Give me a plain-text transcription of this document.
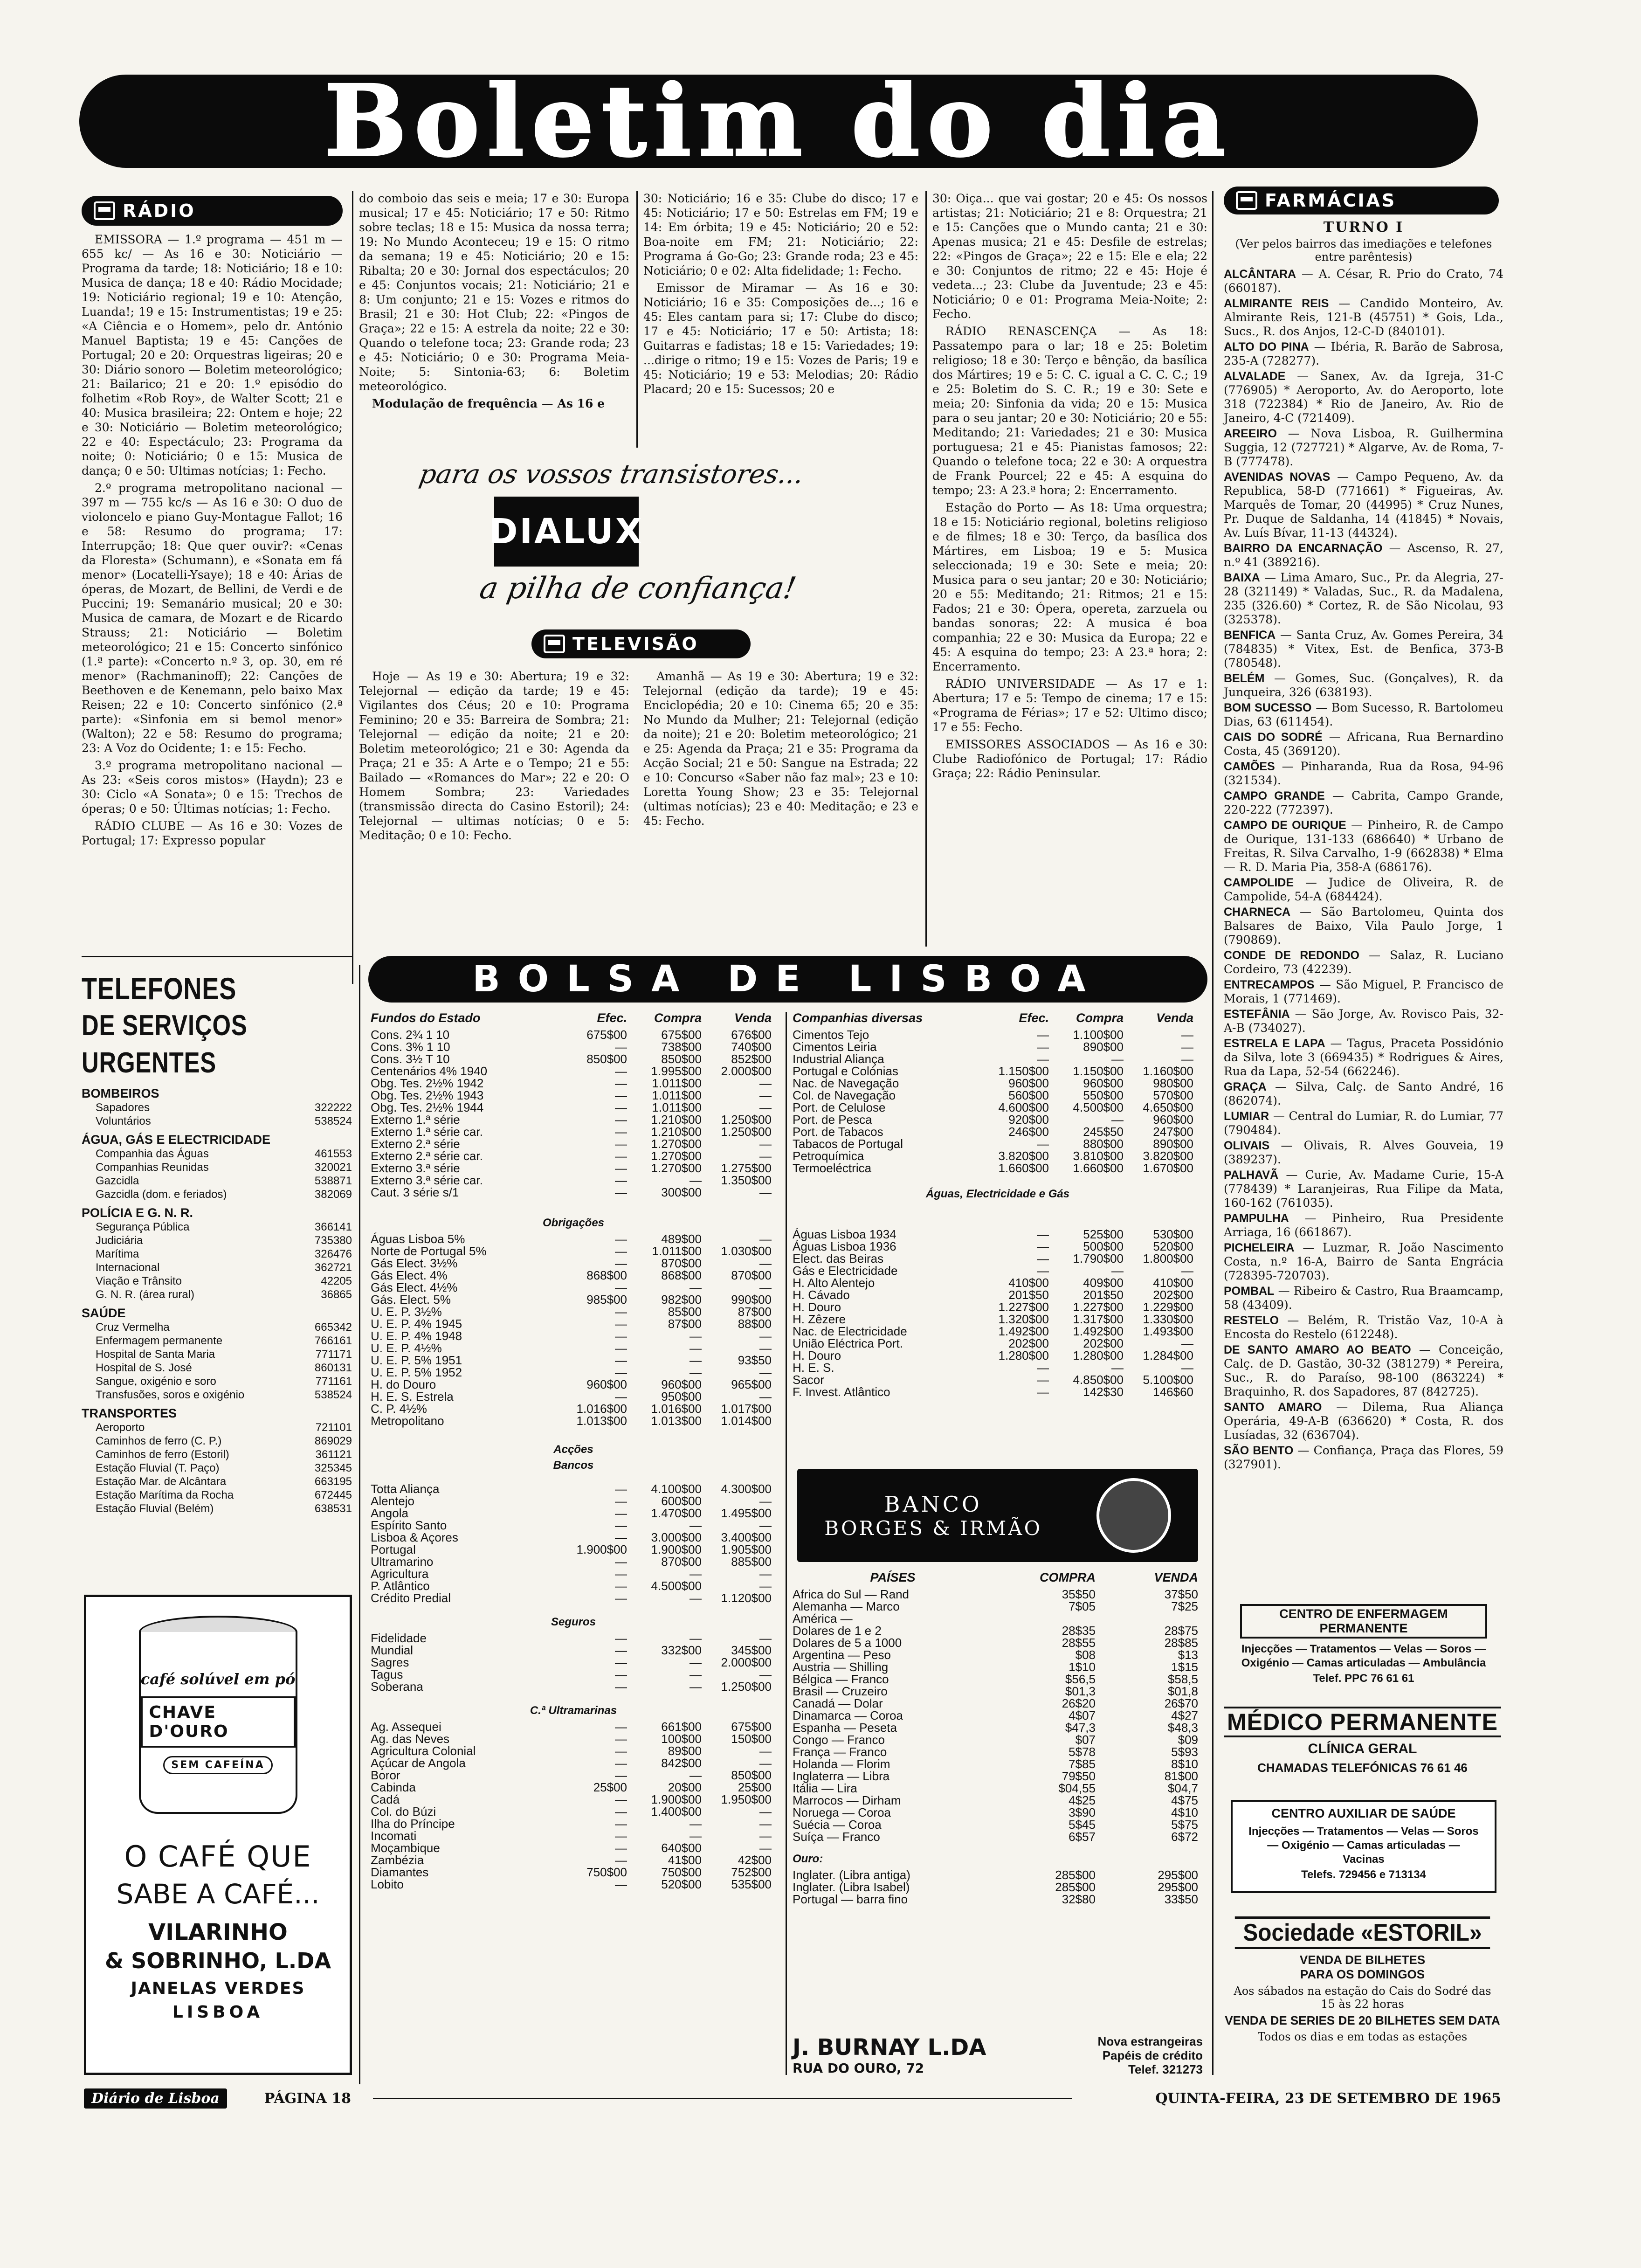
Boletim do dia
RÁDIO

EMISSORA — 1.º programa — 451 m — 655 kc/ — As 16 e 30: Noticiário — Programa da tarde; 18: Noticiário; 18 e 10: Musica de dança; 18 e 40: Rádio Mocidade; 19: Noticiário regional; 19 e 10: Atenção, Luanda!; 19 e 15: Instrumentistas; 19 e 25: «A Ciência e o Homem», pelo dr. António Manuel Baptista; 19 e 45: Canções de Portugal; 20 e 20: Orquestras ligeiras; 20 e 30: Diário sonoro — Boletim meteorológico; 21: Bailarico; 21 e 20: 1.º episódio do folhetim «Rob Roy», de Walter Scott; 21 e 40: Musica brasileira; 22: Ontem e hoje; 22 e 30: Noticiário — Boletim meteorológico; 22 e 40: Espectáculo; 23: Programa da noite; 0: Noticiário; 0 e 15: Musica de dança; 0 e 50: Ultimas notícias; 1: Fecho.

2.º programa metropolitano nacional — 397 m — 755 kc/s — As 16 e 30: O duo de violoncelo e piano Guy-Montague Fallot; 16 e 58: Resumo do programa; 17: Interrupção; 18: Que quer ouvir?: «Cenas da Floresta» (Schumann), e «Sonata em fá menor» (Locatelli-Ysaye); 18 e 40: Árias de óperas, de Mozart, de Bellini, de Verdi e de Puccini; 19: Semanário musical; 20 e 30: Musica de camara, de Mozart e de Ricardo Strauss; 21: Noticiário — Boletim meteorológico; 21 e 15: Concerto sinfónico (1.ª parte): «Concerto n.º 3, op. 30, em ré menor» (Rachmaninoff); 22: Canções de Beethoven e de Kenemann, pelo baixo Max Reisen; 22 e 10: Concerto sinfónico (2.ª parte): «Sinfonia em si bemol menor» (Walton); 22 e 58: Resumo do programa; 23: A Voz do Ocidente; 1: e 15: Fecho.

3.º programa metropolitano nacional — As 23: «Seis coros mistos» (Haydn); 23 e 30: Ciclo «A Sonata»; 0 e 15: Trechos de óperas; 0 e 50: Últimas notícias; 1: Fecho.

RÁDIO CLUBE — As 16 e 30: Vozes de Portugal; 17: Expresso popular

do comboio das seis e meia; 17 e 30: Europa musical; 17 e 45: Noticiário; 17 e 50: Ritmo sobre teclas; 18 e 15: Musica da nossa terra; 19: No Mundo Aconteceu; 19 e 15: O ritmo da semana; 19 e 45: Noticiário; 20 e 15: Ribalta; 20 e 30: Jornal dos espectáculos; 20 e 45: Conjuntos vocais; 21: Noticiário; 21 e 8: Um conjunto; 21 e 15: Vozes e ritmos do Brasil; 21 e 30: Hot Club; 22: «Pingos de Graça»; 22 e 15: A estrela da noite; 22 e 30: Quando o telefone toca; 23: Grande roda; 23 e 45: Noticiário; 0 e 30: Programa Meia-Noite; 5: Sintonia-63; 6: Boletim meteorológico.

Modulação de frequência — As 16 e

30: Noticiário; 16 e 35: Clube do disco; 17 e 45: Noticiário; 17 e 50: Estrelas em FM; 19 e 14: Em órbita; 19 e 45: Noticiário; 20 e 52: Boa-noite em FM; 21: Noticiário; 22: Programa á Go-Go; 23: Grande roda; 23 e 45: Noticiário; 0 e 02: Alta fidelidade; 1: Fecho.

Emissor de Miramar — As 16 e 30: Noticiário; 16 e 35: Composições de...; 16 e 45: Eles cantam para si; 17: Clube do disco; 17 e 45: Noticiário; 17 e 50: Artista; 18: Guitarras e fadistas; 18 e 15: Variedades; 19: ...dirige o ritmo; 19 e 15: Vozes de Paris; 19 e 45: Noticiário; 19 e 53: Melodias; 20: Rádio Placard; 20 e 15: Sucessos; 20 e

30: Oiça... que vai gostar; 20 e 45: Os nossos artistas; 21: Noticiário; 21 e 8: Orquestra; 21 e 15: Canções que o Mundo canta; 21 e 30: Apenas musica; 21 e 45: Desfile de estrelas; 22: «Pingos de Graça»; 22 e 15: Ele e ela; 22 e 30: Conjuntos de ritmo; 22 e 45: Hoje é vedeta...; 23: Clube da Juventude; 23 e 45: Noticiário; 0 e 01: Programa Meia-Noite; 2: Fecho.

RÁDIO RENASCENÇA — As 18: Passatempo para o lar; 18 e 25: Boletim religioso; 18 e 30: Terço e bênção, da basílica dos Mártires; 19 e 5: C. C. igual a C. C. C.; 19 e 25: Boletim do S. C. R.; 19 e 30: Sete e meia; 20: Sinfonia da vida; 20 e 15: Musica para o seu jantar; 20 e 30: Noticiário; 20 e 55: Meditando; 21: Variedades; 21 e 30: Musica portuguesa; 21 e 45: Pianistas famosos; 22: Quando o telefone toca; 22 e 30: A orquestra de Frank Pourcel; 22 e 45: A esquina do tempo; 23: A 23.ª hora; 2: Encerramento.

Estação do Porto — As 18: Uma orquestra; 18 e 15: Noticiário regional, boletins religioso e de filmes; 18 e 30: Terço, da basílica dos Mártires, em Lisboa; 19 e 5: Musica seleccionada; 19 e 30: Sete e meia; 20: Musica para o seu jantar; 20 e 30: Noticiário; 20 e 55: Meditando; 21: Ritmos; 21 e 15: Fados; 21 e 30: Ópera, opereta, zarzuela ou bandas sonoras; 22: A musica é boa companhia; 22 e 30: Musica da Europa; 22 e 45: A esquina do tempo; 23: A 23.ª hora; 2: Encerramento.

RÁDIO UNIVERSIDADE — As 17 e 1: Abertura; 17 e 5: Tempo de cinema; 17 e 15: «Programa de Férias»; 17 e 52: Ultimo disco; 17 e 55: Fecho.

EMISSORES ASSOCIADOS — As 16 e 30: Clube Radiofónico de Portugal; 17: Rádio Graça; 22: Rádio Peninsular.

para os vossos transistores...
DIALUX
a pilha de confiança!
TELEVISÃO

Hoje — As 19 e 30: Abertura; 19 e 32: Telejornal — edição da tarde; 19 e 45: Vigilantes dos Céus; 20 e 10: Programa Feminino; 20 e 35: Barreira de Sombra; 21: Telejornal — edição da noite; 21 e 20: Boletim meteorológico; 21 e 30: Agenda da Praça; 21 e 35: A Arte e o Tempo; 21 e 55: Bailado — «Romances do Mar»; 22 e 20: O Homem Sombra; 23: Variedades (transmissão directa do Casino Estoril); 24: Telejornal — ultimas notícias; 0 e 5: Meditação; 0 e 10: Fecho.

Amanhã — As 19 e 30: Abertura; 19 e 32: Telejornal (edição da tarde); 19 e 45: Enciclopédia; 20 e 10: Cinema 65; 20 e 35: No Mundo da Mulher; 21: Telejornal (edição da noite); 21 e 20: Boletim meteorológico; 21 e 25: Agenda da Praça; 21 e 35: Programa da Acção Social; 21 e 50: Sangue na Estrada; 22 e 10: Concurso «Saber não faz mal»; 23 e 10: Loretta Young Show; 23 e 35: Telejornal (ultimas notícias); 23 e 40: Meditação; e 23 e 45: Fecho.

TELEFONES
DE SERVIÇOS URGENTES
BOMBEIROS
Sapadores	322222
Voluntários	538524
ÁGUA, GÁS E ELECTRICIDADE
Companhia das Águas	461553
Companhias Reunidas	320021
Gazcidla	538871
Gazcidla (dom. e feriados)	382069
POLÍCIA E G. N. R.
Segurança Pública	366141
Judiciária	735380
Marítima	326476
Internacional	362721
Viação e Trânsito	42205
G. N. R. (área rural)	36865
SAÚDE
Cruz Vermelha	665342
Enfermagem permanente	766161
Hospital de Santa Maria	771171
Hospital de S. José	860131
Sangue, oxigénio e soro	771161
Transfusões, soros e oxigénio	538524
TRANSPORTES
Aeroporto	721101
Caminhos de ferro (C. P.)	869029
Caminhos de ferro (Estoril)	361121
Estação Fluvial (T. Paço)	325345
Estação Mar. de Alcântara	663195
Estação Marítima da Rocha	672445
Estação Fluvial (Belém)	638531
café solúvel em pó
CHAVE D'OURO
SEM CAFEÍNA
O CAFÉ QUE
SABE A CAFÉ...
VILARINHO
& SOBRINHO, L.DA
JANELAS VERDES
LISBOA
BOLSA DE LISBOA
Fundos do Estado	Efec.	Compra	Venda
Cons. 2¾ 1 10	675$00	675$00	676$00
Cons. 3% 1 10	—	738$00	740$00
Cons. 3½ T 10	850$00	850$00	852$00
Centenários 4% 1940	—	1.995$00	2.000$00
Obg. Tes. 2½% 1942	—	1.011$00	—
Obg. Tes. 2½% 1943	—	1.011$00	—
Obg. Tes. 2½% 1944	—	1.011$00	—
Externo 1.ª série	—	1.210$00	1.250$00
Externo 1.ª série car.	—	1.210$00	1.250$00
Externo 2.ª série	—	1.270$00	—
Externo 2.ª série car.	—	1.270$00	—
Externo 3.ª série	—	1.270$00	1.275$00
Externo 3.ª série car.	—	—	1.350$00
Caut. 3 série s/1	—	300$00	—
Obrigações
Águas Lisboa 5%	—	489$00	—
Norte de Portugal 5%	—	1.011$00	1.030$00
Gás Elect. 3½%	—	870$00	—
Gás Elect. 4%	868$00	868$00	870$00
Gás Elect. 4½%	—	—	—
Gás. Elect. 5%	985$00	982$00	990$00
U. E. P. 3½%	—	85$00	87$00
U. E. P. 4% 1945	—	87$00	88$00
U. E. P. 4% 1948	—	—	—
U. E. P. 4½%	—	—	—
U. E. P. 5% 1951	—	—	93$50
U. E. P. 5% 1952	—	—	—
H. do Douro	960$00	960$00	965$00
H. E. S. Estrela	—	950$00	—
C. P. 4½%	1.016$00	1.016$00	1.017$00
Metropolitano	1.013$00	1.013$00	1.014$00
Acções
Bancos
Totta Aliança	—	4.100$00	4.300$00
Alentejo	—	600$00	—
Angola	—	1.470$00	1.495$00
Espírito Santo	—	—	—
Lisboa & Açores	—	3.000$00	3.400$00
Portugal	1.900$00	1.900$00	1.905$00
Ultramarino	—	870$00	885$00
Agricultura	—	—	—
P. Atlântico	—	4.500$00	—
Crédito Predial	—	—	1.120$00
Seguros
Fidelidade	—	—	—
Mundial	—	332$00	345$00
Sagres	—	—	2.000$00
Tagus	—	—	—
Soberana	—	—	1.250$00
C.ª Ultramarinas
Ag. Assequei	—	661$00	675$00
Ag. das Neves	—	100$00	150$00
Agricultura Colonial	—	89$00	—
Açúcar de Angola	—	842$00	—
Boror	—	—	850$00
Cabinda	25$00	20$00	25$00
Cadá	—	1.900$00	1.950$00
Col. do Búzi	—	1.400$00	—
Ilha do Príncipe	—	—	—
Incomati	—	—	—
Moçambique	—	640$00	—
Zambézia	—	41$00	42$00
Diamantes	750$00	750$00	752$00
Lobito	—	520$00	535$00
Companhias diversas	Efec.	Compra	Venda
Cimentos Tejo	—	1.100$00	—
Cimentos Leiria	—	890$00	—
Industrial Aliança	—	—	—
Portugal e Colónias	1.150$00	1.150$00	1.160$00
Nac. de Navegação	960$00	960$00	980$00
Col. de Navegação	560$00	550$00	570$00
Port. de Celulose	4.600$00	4.500$00	4.650$00
Port. de Pesca	920$00	—	960$00
Port. de Tabacos	246$00	245$50	247$00
Tabacos de Portugal	—	880$00	890$00
Petroquímica	3.820$00	3.810$00	3.820$00
Termoeléctrica	1.660$00	1.660$00	1.670$00
Águas, Electricidade e Gás
Águas Lisboa 1934	—	525$00	530$00
Águas Lisboa 1936	—	500$00	520$00
Elect. das Beiras	—	1.790$00	1.800$00
Gás e Electricidade	—	—	—
H. Alto Alentejo	410$00	409$00	410$00
H. Cávado	201$50	201$50	202$00
H. Douro	1.227$00	1.227$00	1.229$00
H. Zêzere	1.320$00	1.317$00	1.330$00
Nac. de Electricidade	1.492$00	1.492$00	1.493$00
União Eléctrica Port.	202$00	202$00	—
H. Douro	1.280$00	1.280$00	1.284$00
H. E. S.	—	—	—
Sacor	—	4.850$00	5.100$00
F. Invest. Atlântico	—	142$30	146$60
BANCO
BORGES & IRMÃO
PAÍSES	COMPRA	VENDA
Africa do Sul — Rand	35$50	37$50
Alemanha — Marco	7$05	7$25
América —
Dolares de 1 e 2	28$35	28$75
Dolares de 5 a 1000	28$55	28$85
Argentina — Peso	$08	$13
Austria — Shilling	1$10	1$15
Bélgica — Franco	$56,5	$58,5
Brasil — Cruzeiro	$01,3	$01,8
Canadá — Dolar	26$20	26$70
Dinamarca — Coroa	4$07	4$27
Espanha — Peseta	$47,3	$48,3
Congo — Franco	$07	$09
França — Franco	5$78	5$93
Holanda — Florim	7$85	8$10
Inglaterra — Libra	79$50	81$00
Itália — Lira	$04,55	$04,7
Marrocos — Dirham	4$25	4$75
Noruega — Coroa	3$90	4$10
Suécia — Coroa	5$45	5$75
Suíça — Franco	6$57	6$72
Ouro:
Inglater. (Libra antiga)	285$00	295$00
Inglater. (Libra Isabel)	285$00	295$00
Portugal — barra fino	32$80	33$50
J. BURNAY L.DA
RUA DO OURO, 72
Nova estrangeiras
Papéis de crédito
Telef. 321273
FARMÁCIAS
TURNO I
(Ver pelos bairros das imediações e telefones entre parêntesis)

ALCÂNTARA — A. César, R. Prio do Crato, 74 (660187).

ALMIRANTE REIS — Candido Monteiro, Av. Almirante Reis, 121-B (45751) * Gois, Lda., Sucs., R. dos Anjos, 12-C-D (840101).

ALTO DO PINA — Ibéria, R. Barão de Sabrosa, 235-A (728277).

ALVALADE — Sanex, Av. da Igreja, 31-C (776905) * Aeroporto, Av. do Aeroporto, lote 318 (722384) * Rio de Janeiro, Av. Rio de Janeiro, 4-C (721409).

AREEIRO — Nova Lisboa, R. Guilhermina Suggia, 12 (727721) * Algarve, Av. de Roma, 7-B (777478).

AVENIDAS NOVAS — Campo Pequeno, Av. da Republica, 58-D (771661) * Figueiras, Av. Marquês de Tomar, 20 (44995) * Cruz Nunes, Pr. Duque de Saldanha, 14 (41845) * Novais, Av. Luís Bívar, 11-13 (44324).

BAIRRO DA ENCARNAÇÃO — Ascenso, R. 27, n.º 41 (389216).

BAIXA — Lima Amaro, Suc., Pr. da Alegria, 27-28 (321149) * Valadas, Suc., R. da Madalena, 235 (326.60) * Cortez, R. de São Nicolau, 93 (325378).

BENFICA — Santa Cruz, Av. Gomes Pereira, 34 (784835) * Vitex, Est. de Benfica, 373-B (780548).

BELÉM — Gomes, Suc. (Gonçalves), R. da Junqueira, 326 (638193).

BOM SUCESSO — Bom Sucesso, R. Bartolomeu Dias, 63 (611454).

CAIS DO SODRÉ — Africana, Rua Bernardino Costa, 45 (369120).

CAMÕES — Pinharanda, Rua da Rosa, 94-96 (321534).

CAMPO GRANDE — Cabrita, Campo Grande, 220-222 (772397).

CAMPO DE OURIQUE — Pinheiro, R. de Campo de Ourique, 131-133 (686640) * Urbano de Freitas, R. Silva Carvalho, 1-9 (662838) * Elma — R. D. Maria Pia, 358-A (686176).

CAMPOLIDE — Judice de Oliveira, R. de Campolide, 54-A (684424).

CHARNECA — São Bartolomeu, Quinta dos Balsares de Baixo, Vila Paulo Jorge, 1 (790869).

CONDE DE REDONDO — Salaz, R. Luciano Cordeiro, 73 (42239).

ENTRECAMPOS — São Miguel, P. Francisco de Morais, 1 (771469).

ESTEFÂNIA — São Jorge, Av. Rovisco Pais, 32-A-B (734027).

ESTRELA E LAPA — Tagus, Praceta Possidónio da Silva, lote 3 (669435) * Rodrigues & Aires, Rua da Lapa, 52-54 (662246).

GRAÇA — Silva, Calç. de Santo André, 16 (862074).

LUMIAR — Central do Lumiar, R. do Lumiar, 77 (790484).

OLIVAIS — Olivais, R. Alves Gouveia, 19 (389237).

PALHAVÃ — Curie, Av. Madame Curie, 15-A (778439) * Laranjeiras, Rua Filipe da Mata, 160-162 (761035).

PAMPULHA — Pinheiro, Rua Presidente Arriaga, 16 (661867).

PICHELEIRA — Luzmar, R. João Nascimento Costa, n.º 16-A, Bairro de Santa Engrácia (728395-720703).

POMBAL — Ribeiro & Castro, Rua Braamcamp, 58 (43409).

RESTELO — Belém, R. Tristão Vaz, 10-A à Encosta do Restelo (612248).

DE SANTO AMARO AO BEATO — Conceição, Calç. de D. Gastão, 30-32 (381279) * Pereira, Suc., R. do Paraíso, 98-100 (863224) * Braquinho, R. dos Sapadores, 87 (842725).

SANTO AMARO — Dilema, Rua Aliança Operária, 49-A-B (636620) * Costa, R. dos Lusíadas, 32 (636704).

SÃO BENTO — Confiança, Praça das Flores, 59 (327901).

CENTRO DE ENFERMAGEM PERMANENTE
Injecções — Tratamentos — Velas — Soros — Oxigénio — Camas articuladas — Ambulância
Telef. PPC 76 61 61
MÉDICO PERMANENTE
CLÍNICA GERAL
CHAMADAS TELEFÓNICAS 76 61 46
CENTRO AUXILIAR DE SAÚDE
Injecções — Tratamentos — Velas — Soros — Oxigénio — Camas articuladas — Vacinas
Telefs. 729456 e 713134
Sociedade «ESTORIL»
VENDA DE BILHETES
PARA OS DOMINGOS
Aos sábados na estação do Cais do Sodré das 15 às 22 horas
VENDA DE SERIES DE 20 BILHETES SEM DATA
Todos os dias e em todas as estações
Diário de Lisboa	PÁGINA 18	QUINTA-FEIRA, 23 DE SETEMBRO DE 1965
